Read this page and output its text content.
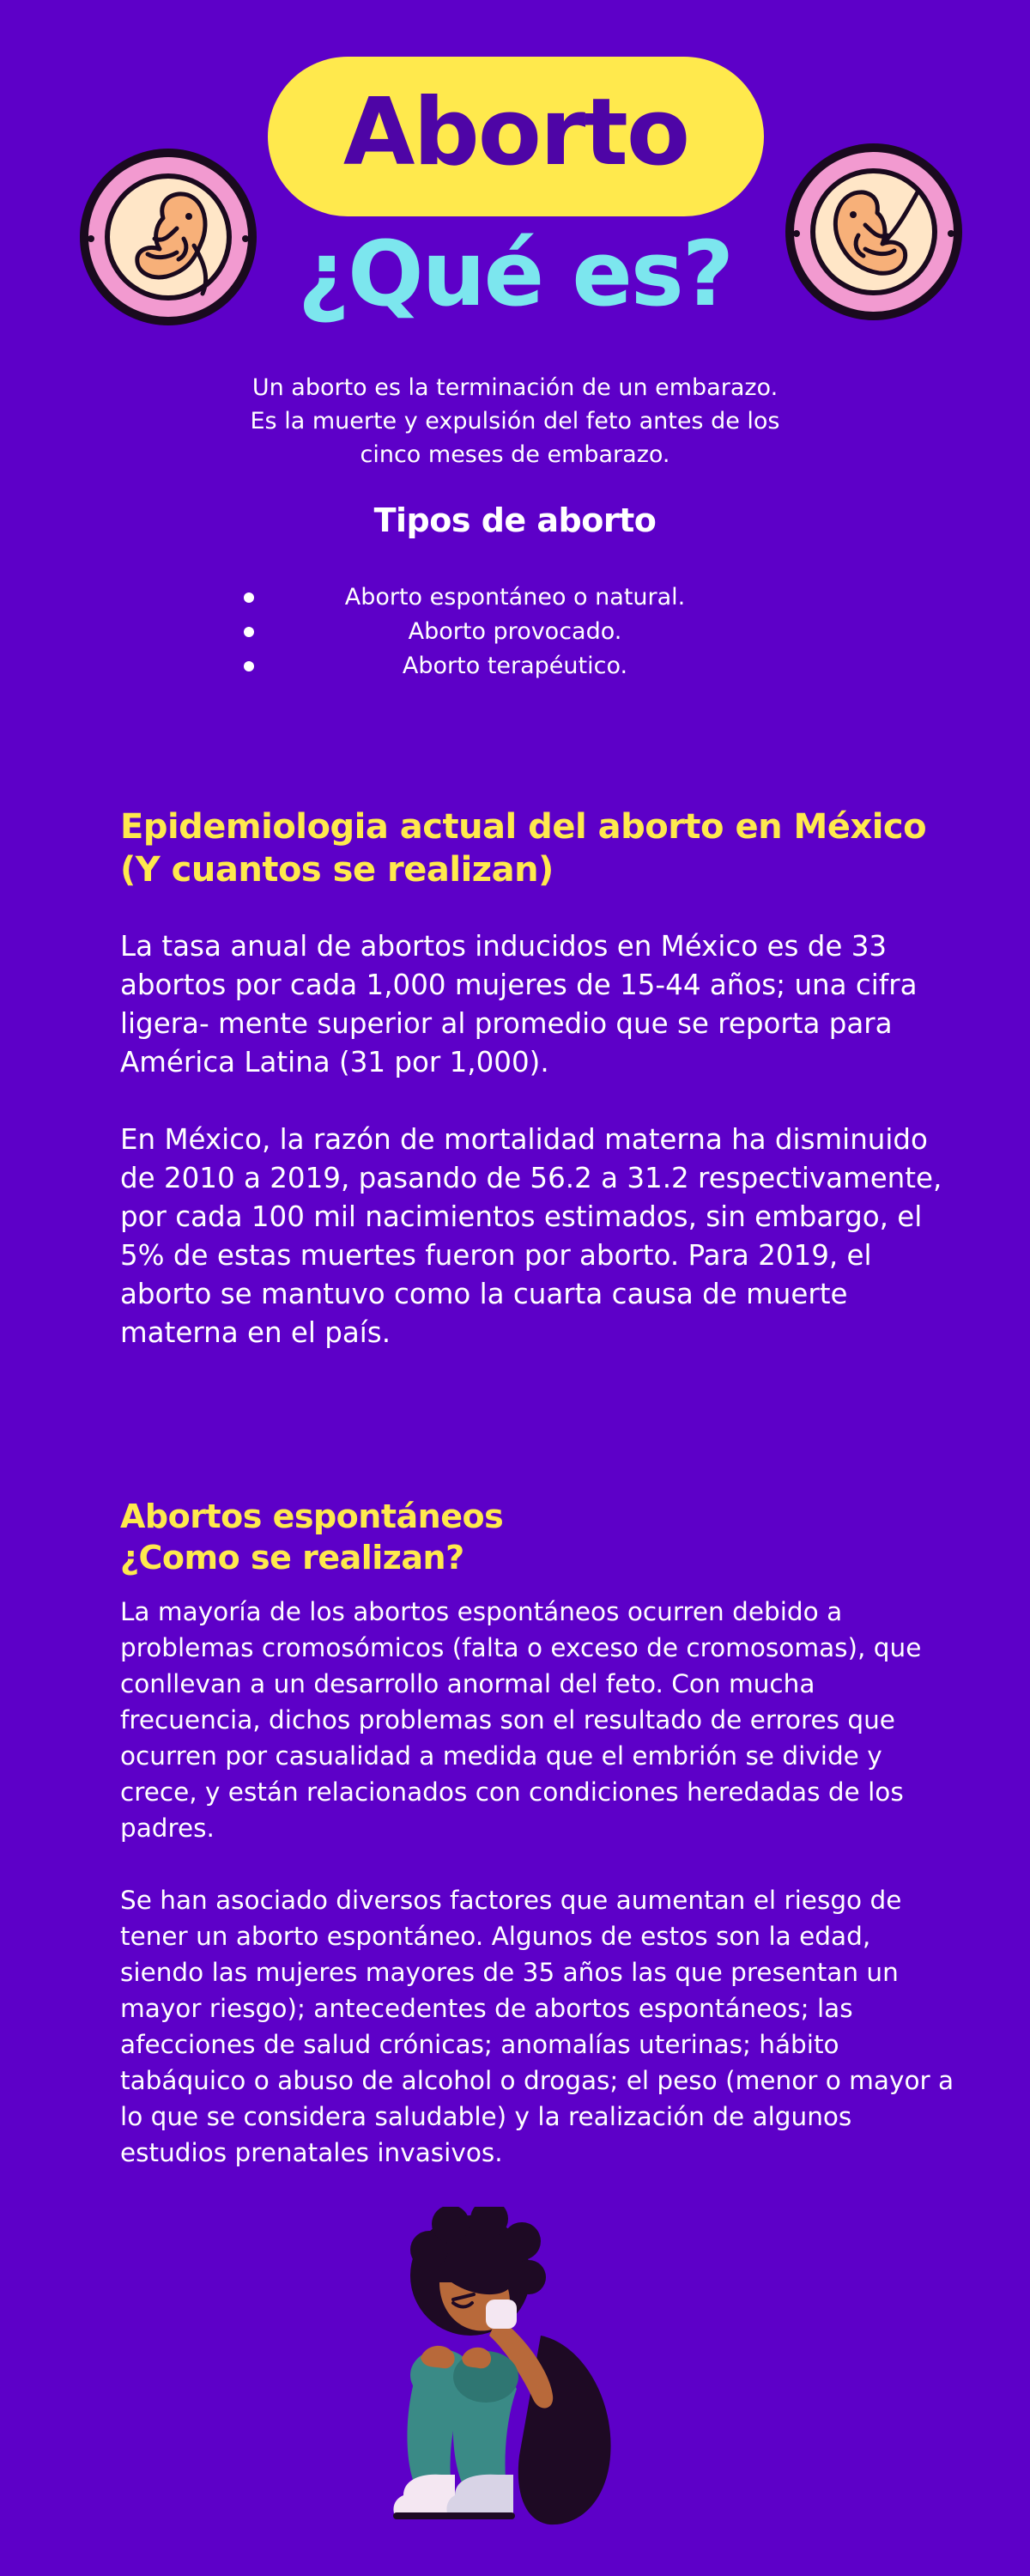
Aborto
¿Qué es?
Un aborto es la terminación de un embarazo.
Es la muerte y expulsión del feto antes de los
cinco meses de embarazo.
Tipos de aborto
Aborto espontáneo o natural.
Aborto provocado.
Aborto terapéutico.
Epidemiologia actual del aborto en México
(Y cuantos se realizan)

La tasa anual de abortos inducidos en México es de 33 abortos por cada 1,000 mujeres de 15-44 años; una cifra ligera- mente superior al promedio que se reporta para América Latina (31 por 1,000).

En México, la razón de mortalidad materna ha disminuido de 2010 a 2019, pasando de 56.2 a 31.2 respectivamente, por cada 100 mil nacimientos estimados, sin embargo, el 5% de estas muertes fueron por aborto. Para 2019, el aborto se mantuvo como la cuarta causa de muerte materna en el país.

Abortos espontáneos
¿Como se realizan?

La mayoría de los abortos espontáneos ocurren debido a problemas cromosómicos (falta o exceso de cromosomas), que conllevan a un desarrollo anormal del feto. Con mucha frecuencia, dichos problemas son el resultado de errores que ocurren por casualidad a medida que el embrión se divide y crece, y están relacionados con condiciones heredadas de los padres.

Se han asociado diversos factores que aumentan el riesgo de tener un aborto espontáneo. Algunos de estos son la edad, siendo las mujeres mayores de 35 años las que presentan un mayor riesgo); antecedentes de abortos espontáneos; las afecciones de salud crónicas; anomalías uterinas; hábito tabáquico o abuso de alcohol o drogas; el peso (menor o mayor a lo que se considera saludable) y la realización de algunos estudios prenatales invasivos.
